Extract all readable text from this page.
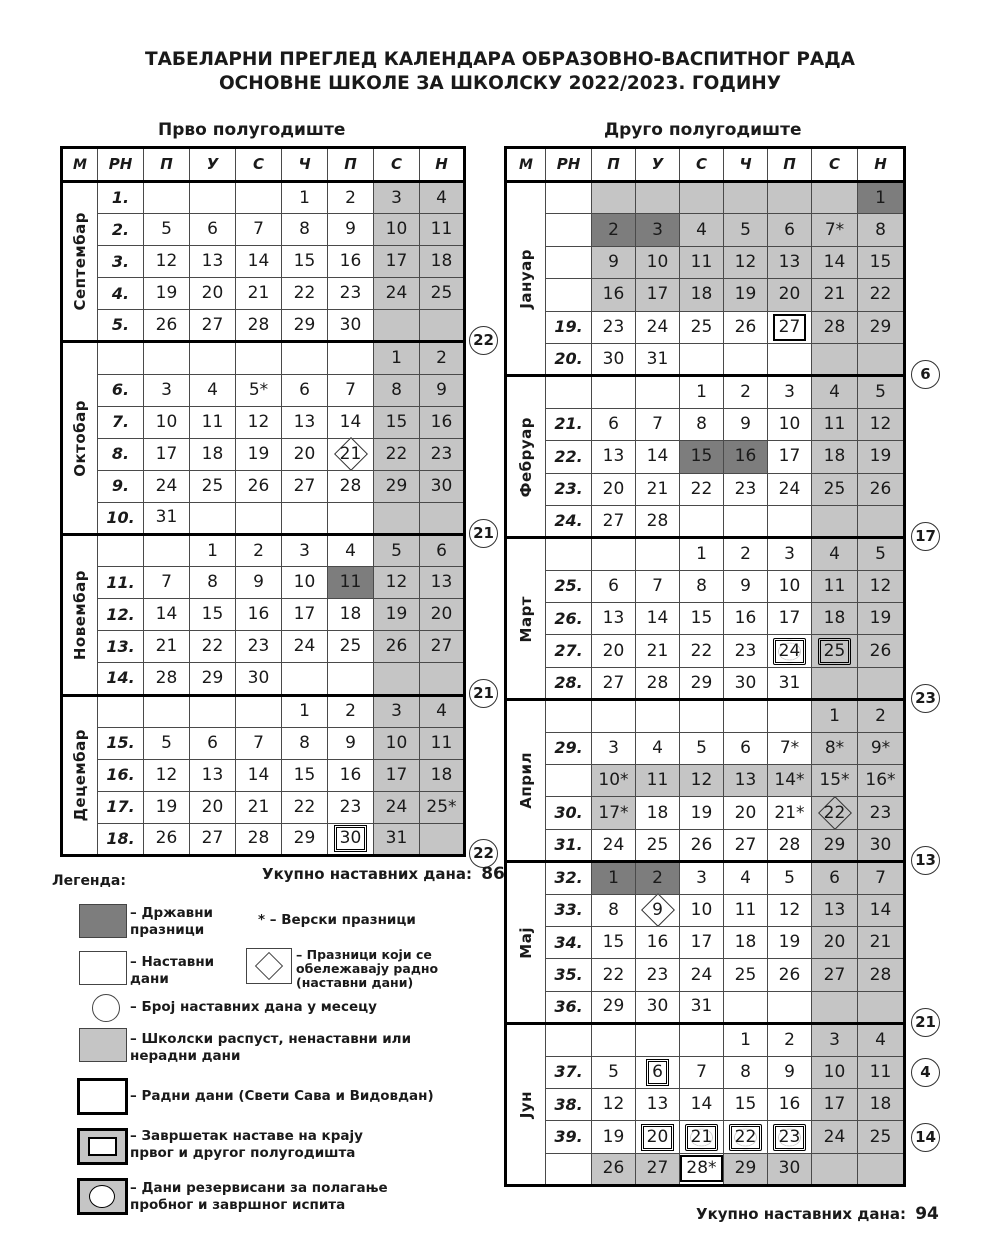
ТАБЕЛАРНИ ПРЕГЛЕД КАЛЕНДАРА ОБРАЗОВНО-ВАСПИТНОГ РАДА
ОСНОВНЕ ШКОЛЕ ЗА ШКОЛСКУ 2022/2023. ГОДИНУ
Прво полугодиште	Друго полугодиште
М	РН	П	У	С	Ч	П	С	Н

Септембар	1.				1	2	3	4
	2.	5	6	7	8	9	10	11
	3.	12	13	14	15	16	17	18
	4.	19	20	21	22	23	24	25
	5.	26	27	28	29	30		

Октобар							1	2
	6.	3	4	5*	6	7	8	9
	7.	10	11	12	13	14	15	16
	8.	17	18	19	20	21	22	23
	9.	24	25	26	27	28	29	30
	10.	31						

Новембар			1	2	3	4	5	6
	11.	7	8	9	10	11	12	13
	12.	14	15	16	17	18	19	20
	13.	21	22	23	24	25	26	27
	14.	28	29	30				

Децембар					1	2	3	4
	15.	5	6	7	8	9	10	11
	16.	12	13	14	15	16	17	18
	17.	19	20	21	22	23	24	25*
	18.	26	27	28	29	30	31	
М	РН	П	У	С	Ч	П	С	Н

Јануар								1
		2	3	4	5	6	7*	8
		9	10	11	12	13	14	15
		16	17	18	19	20	21	22
	19.	23	24	25	26	27	28	29
	20.	30	31					

Фебруар				1	2	3	4	5
	21.	6	7	8	9	10	11	12
	22.	13	14	15	16	17	18	19
	23.	20	21	22	23	24	25	26
	24.	27	28					

Март				1	2	3	4	5
	25.	6	7	8	9	10	11	12
	26.	13	14	15	16	17	18	19
	27.	20	21	22	23	24	25	26
	28.	27	28	29	30	31		

Април							1	2
	29.	3	4	5	6	7*	8*	9*
		10*	11	12	13	14*	15*	16*
	30.	17*	18	19	20	21*	22	23
	31.	24	25	26	27	28	29	30

Мај	32.	1	2	3	4	5	6	7
	33.	8	9	10	11	12	13	14
	34.	15	16	17	18	19	20	21
	35.	22	23	24	25	26	27	28
	36.	29	30	31				

Јун					1	2	3	4
	37.	5	6	7	8	9	10	11
	38.	12	13	14	15	16	17	18
	39.	19	20	21	22	23	24	25
		26	27	28*	29	30		
22
21
21
22
6
17
23
13
21
4
14
Укупно наставних дана: 86
Укупно наставних дана: 94
Легенда:
– Државни празници
* – Верски празници
– Наставни дани
– Празници који се обележавају радно (наставни дани)
– Број наставних дана у месецу
– Школски распуст, ненаставни или нерадни дани
– Радни дани (Свети Сава и Видовдан)
– Завршетак наставе на крају првог и другог полугодишта
– Дани резервисани за полагање пробног и завршног испита
